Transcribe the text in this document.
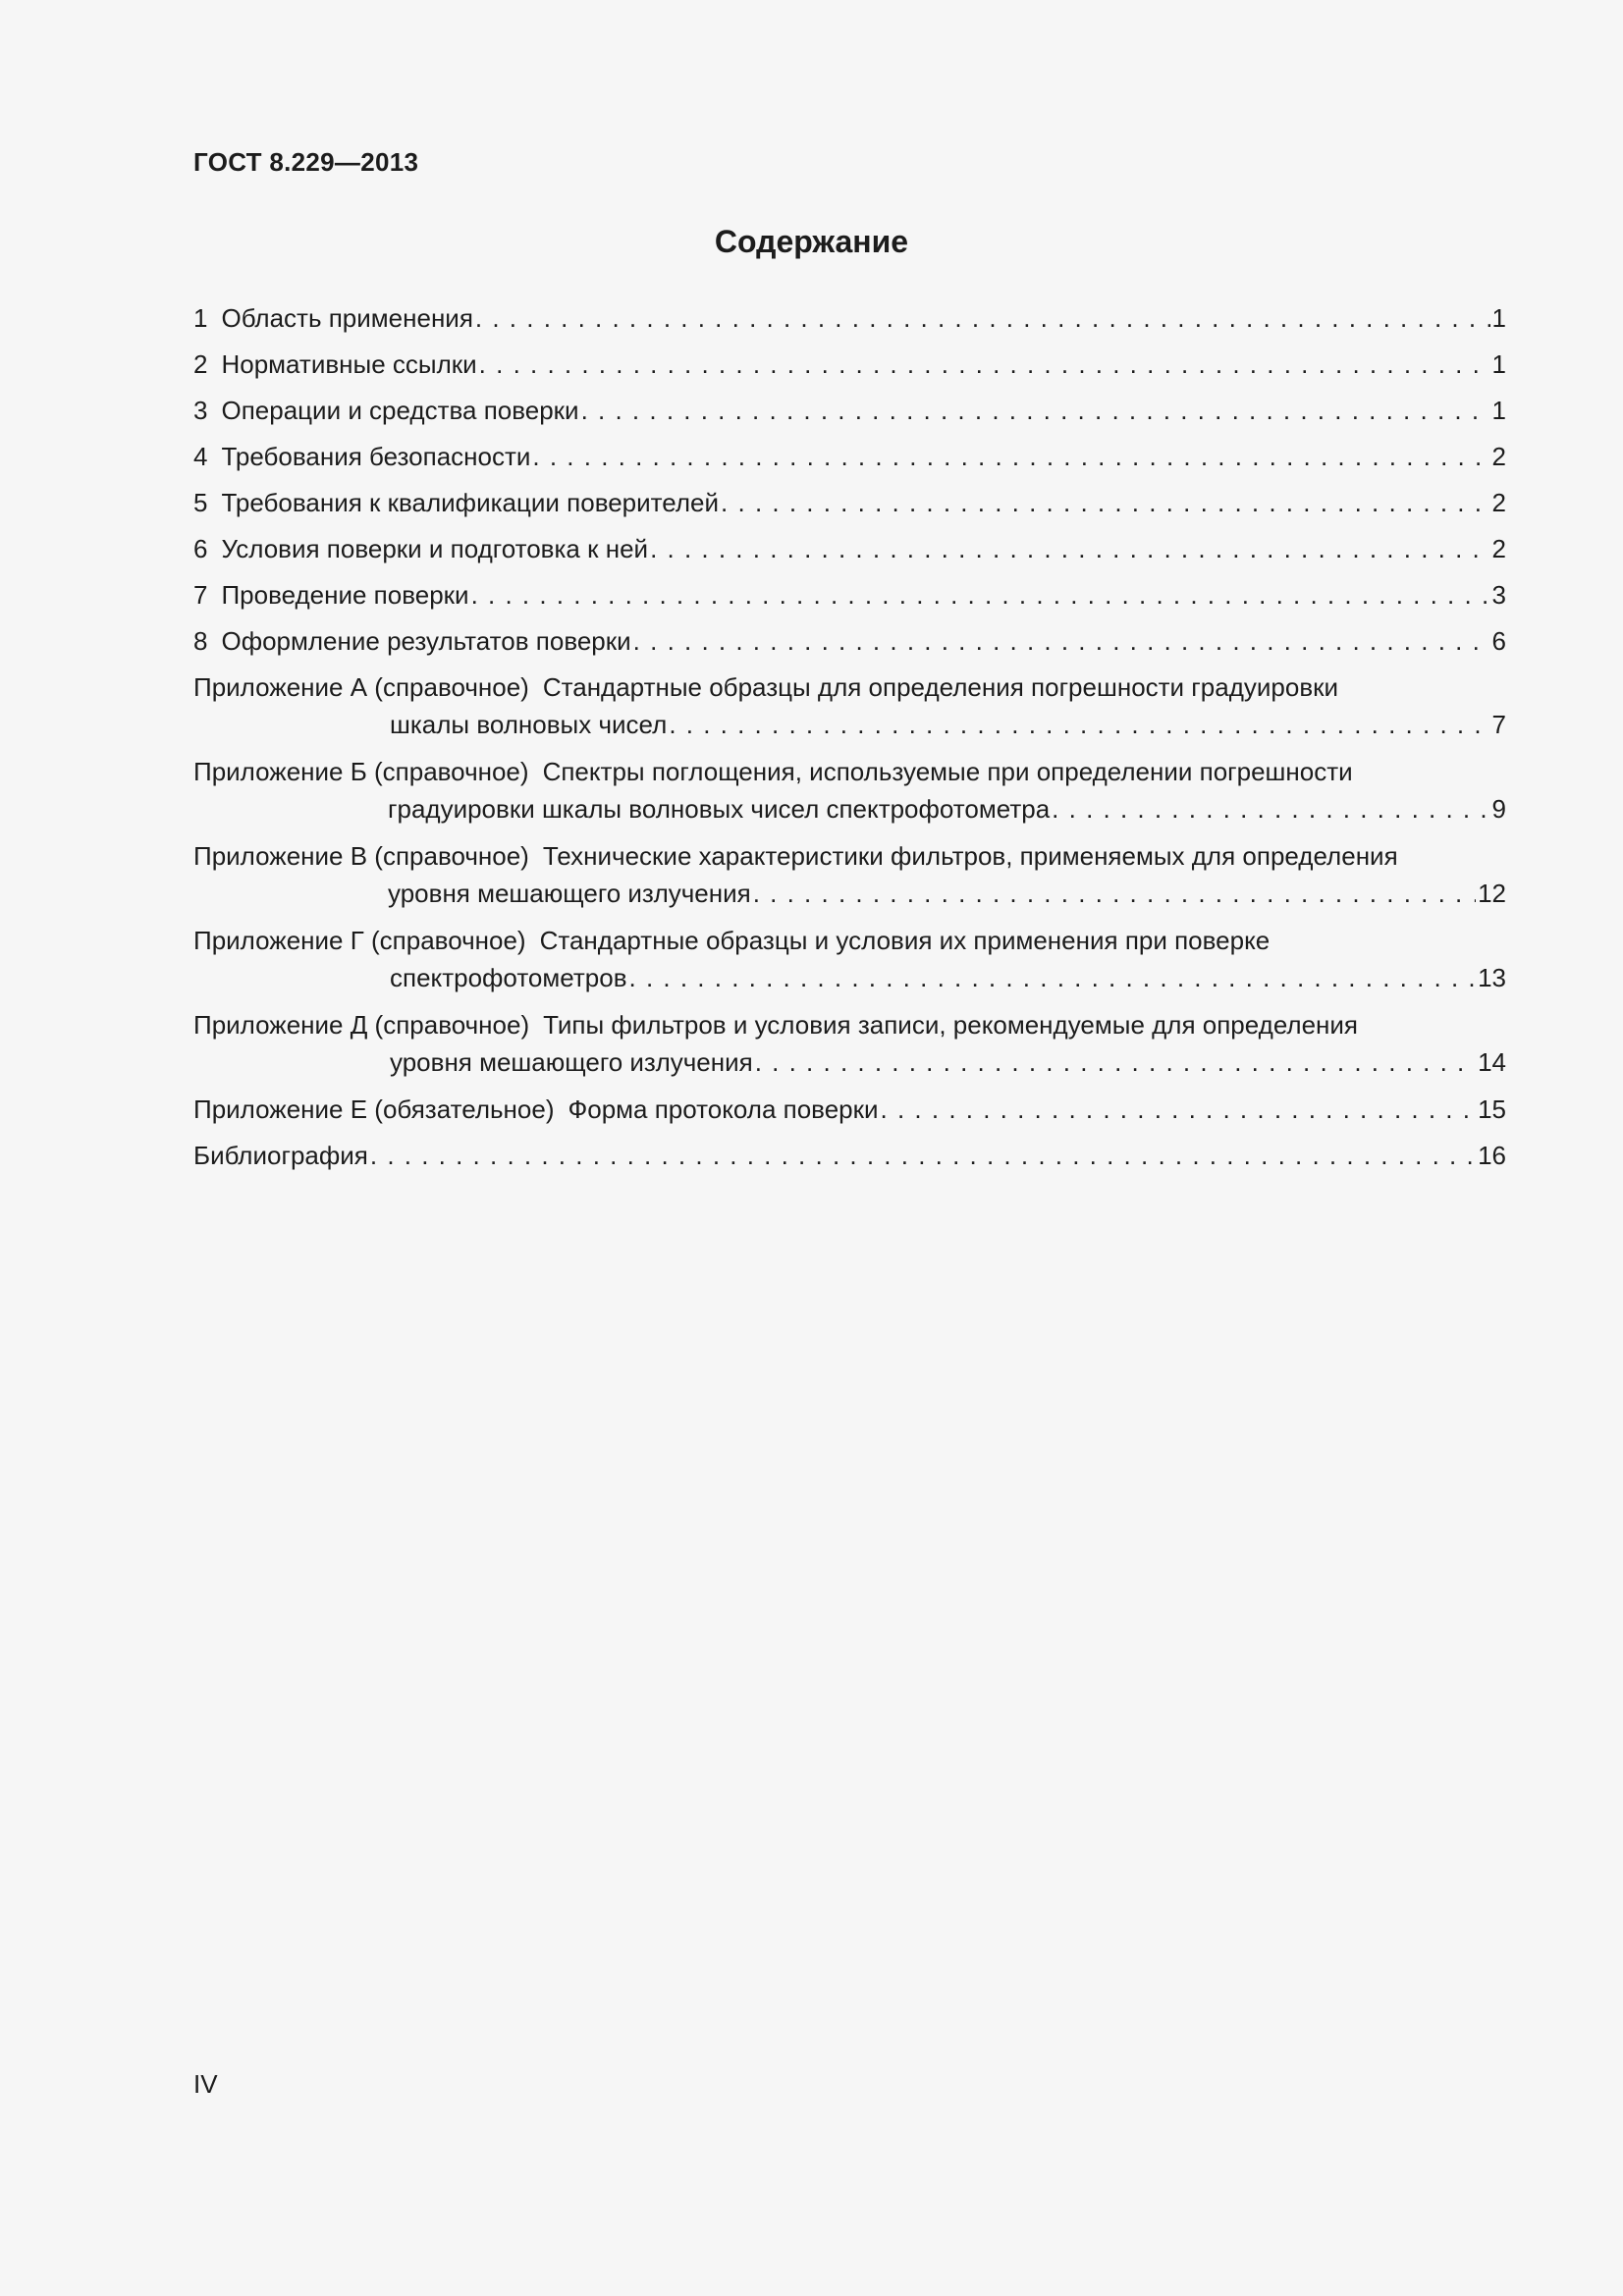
ГОСТ 8.229—2013
Содержание
1 Область применения . . .	1
2 Нормативные ссылки . . .	1
3 Операции и средства поверки . . .	1
4 Требования безопасности . . .	2
5 Требования к квалификации поверителей . . .	2
6 Условия поверки и подготовка к ней . . .	2
7 Проведение поверки . . .	3
8 Оформление результатов поверки . . .	6
Приложение А (справочное) Стандартные образцы для определения погрешности градуировки
шкалы волновых чисел . . .	7
Приложение Б (справочное) Спектры поглощения, используемые при определении погрешности
градуировки шкалы волновых чисел спектрофотометра . . .	9
Приложение В (справочное) Технические характеристики фильтров, применяемых для определения
уровня мешающего излучения . . .	12
Приложение Г (справочное) Стандартные образцы и условия их применения при поверке
спектрофотометров . . .	13
Приложение Д (справочное) Типы фильтров и условия записи, рекомендуемые для определения
уровня мешающего излучения . . .	14
Приложение Е (обязательное) Форма протокола поверки . . .	15
Библиография . . .	16
IV
